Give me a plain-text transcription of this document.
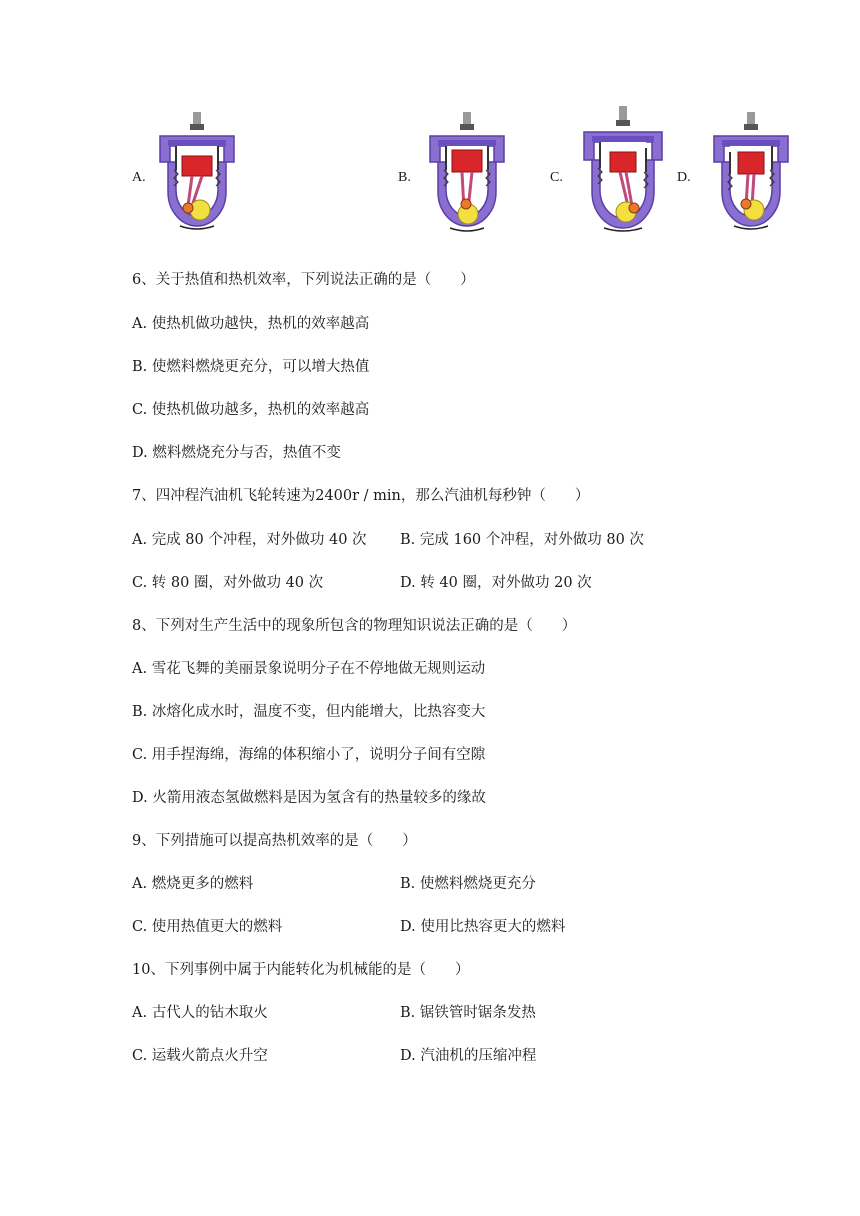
A.	B.	C.	D.
6、关于热值和热机效率，下列说法正确的是（　　）
A. 使热机做功越快，热机的效率越高
B. 使燃料燃烧更充分，可以增大热值
C. 使热机做功越多，热机的效率越高
D. 燃料燃烧充分与否，热值不变
7、四冲程汽油机飞轮转速为2400r / min，那么汽油机每秒钟（　　）
A. 完成 80 个冲程，对外做功 40 次 B. 完成 160 个冲程，对外做功 80 次
C. 转 80 圈，对外做功 40 次	D. 转 40 圈，对外做功 20 次
8、下列对生产生活中的现象所包含的物理知识说法正确的是（　　）
A. 雪花飞舞的美丽景象说明分子在不停地做无规则运动
B. 冰熔化成水时，温度不变，但内能增大，比热容变大
C. 用手捏海绵，海绵的体积缩小了，说明分子间有空隙
D. 火箭用液态氢做燃料是因为氢含有的热量较多的缘故
9、下列措施可以提高热机效率的是（　　）
A. 燃烧更多的燃料	B. 使燃料燃烧更充分
C. 使用热值更大的燃料	D. 使用比热容更大的燃料
10、下列事例中属于内能转化为机械能的是（　　）
A. 古代人的钻木取火	B. 锯铁管时锯条发热
C. 运载火箭点火升空	D. 汽油机的压缩冲程
